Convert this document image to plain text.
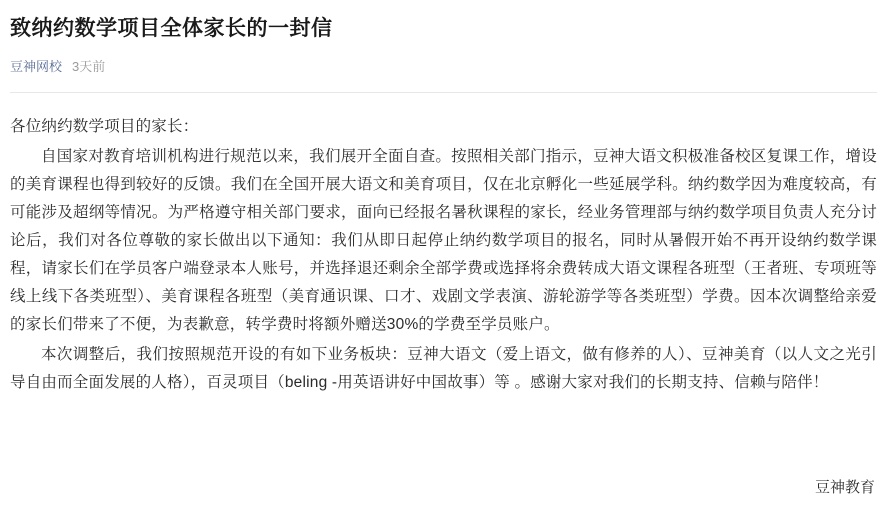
致纳约数学项目全体家长的一封信
豆神网校 3天前

各位纳约数学项目的家长：

自国家对教育培训机构进行规范以来，我们展开全面自查。按照相关部门指示，豆神大语文积极准备校区复课工作，增设的美育课程也得到较好的反馈。我们在全国开展大语文和美育项目，仅在北京孵化一些延展学科。纳约数学因为难度较高，有可能涉及超纲等情况。为严格遵守相关部门要求，面向已经报名暑秋课程的家长，经业务管理部与纳约数学项目负责人充分讨论后，我们对各位尊敬的家长做出以下通知：我们从即日起停止纳约数学项目的报名，同时从暑假开始不再开设纳约数学课程，请家长们在学员客户端登录本人账号，并选择退还剩余全部学费或选择将余费转成大语文课程各班型（王者班、专项班等线上线下各类班型）、美育课程各班型（美育通识课、口才、戏剧文学表演、游轮游学等各类班型）学费。因本次调整给亲爱的家长们带来了不便，为表歉意，转学费时将额外赠送30%的学费至学员账户。

本次调整后，我们按照规范开设的有如下业务板块：豆神大语文（爱上语文，做有修养的人）、豆神美育（以人文之光引导自由而全面发展的人格），百灵项目（beling -用英语讲好中国故事）等 。感谢大家对我们的长期支持、信赖与陪伴！

豆神教育
